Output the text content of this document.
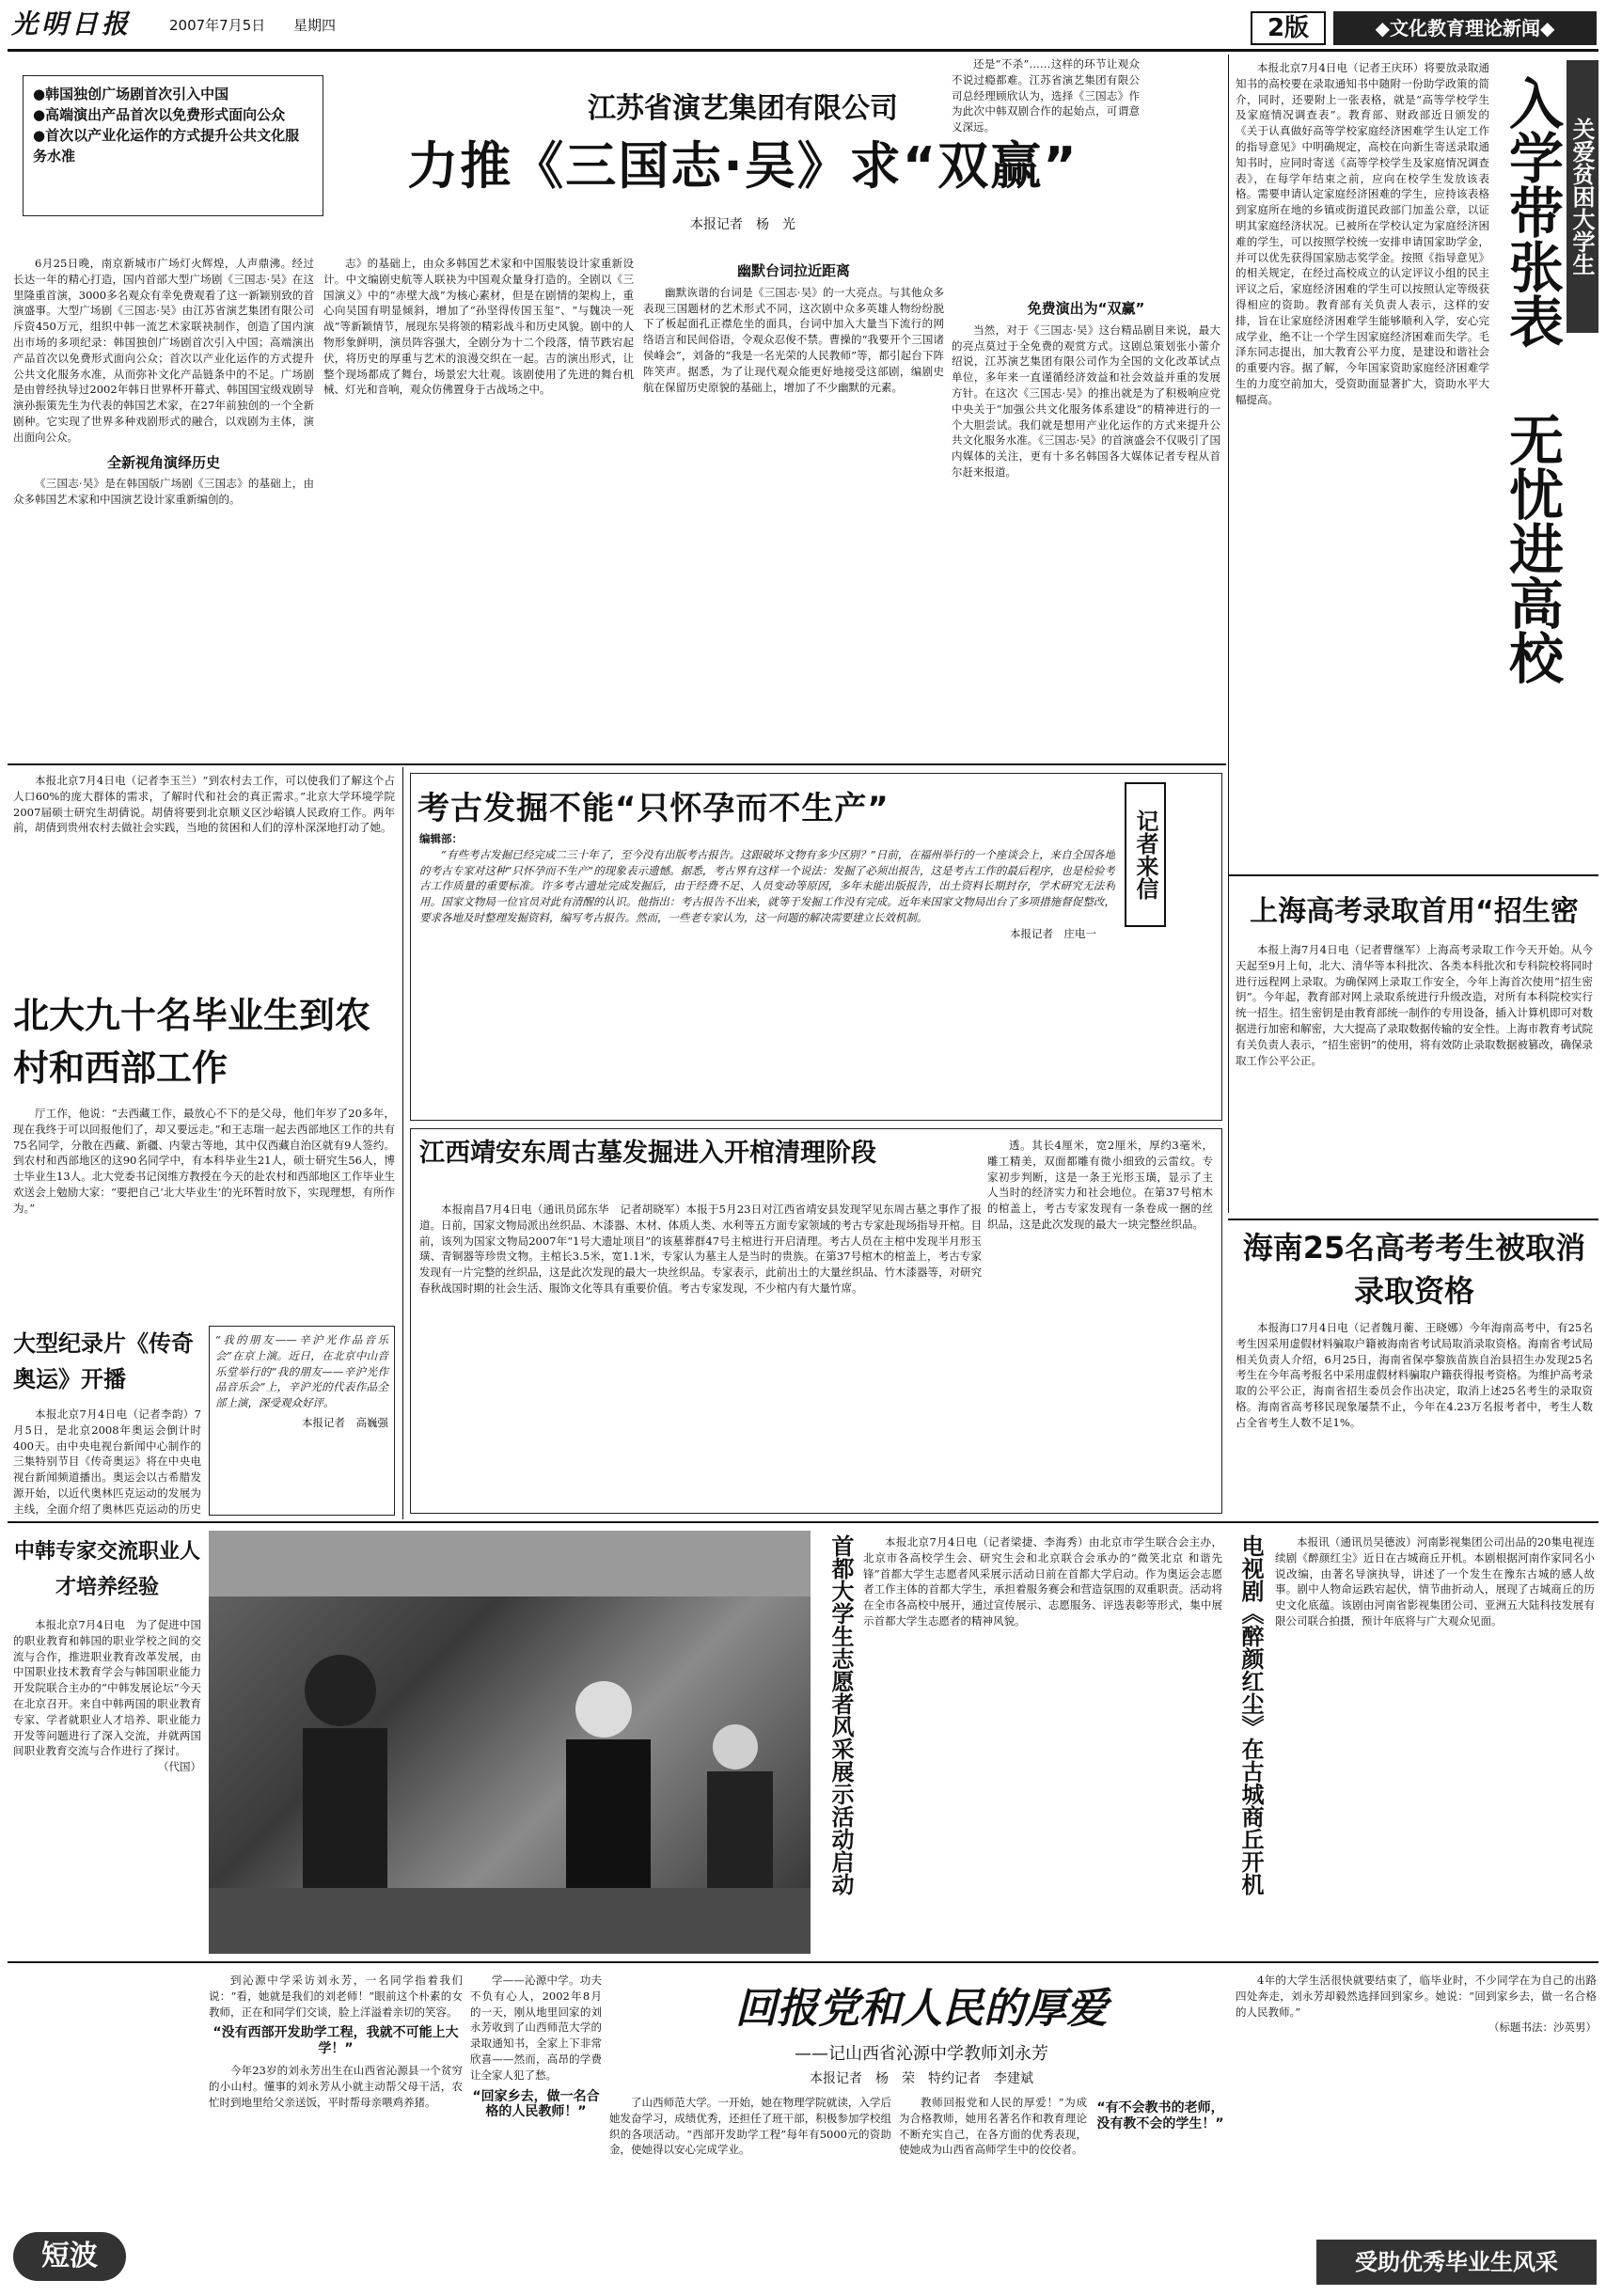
光明日报	2007年7月5日	星期四	2版	◆文化教育理论新闻◆
●韩国独创广场剧首次引入中国
●高端演出产品首次以免费形式面向公众
●首次以产业化运作的方式提升公共文化服务水准
江苏省演艺集团有限公司
力推《三国志·吴》求“双赢”
本报记者　杨　光

6月25日晚，南京新城市广场灯火辉煌，人声鼎沸。经过长达一年的精心打造，国内首部大型广场剧《三国志·吴》在这里隆重首演，3000多名观众有幸免费观看了这一新颖别致的首演盛事。大型广场剧《三国志·吴》由江苏省演艺集团有限公司斥资450万元，组织中韩一流艺术家联袂制作，创造了国内演出市场的多项纪录：韩国独创广场剧首次引入中国；高端演出产品首次以免费形式面向公众；首次以产业化运作的方式提升公共文化服务水准，从而弥补文化产品链条中的不足。广场剧是由曾经执导过2002年韩日世界杯开幕式、韩国国宝级戏剧导演孙振策先生为代表的韩国艺术家，在27年前独创的一个全新剧种。它实现了世界多种戏剧形式的融合，以戏剧为主体，演出面向公众。

全新视角演绎历史

《三国志·吴》是在韩国版广场剧《三国志》的基础上，由众多韩国艺术家和中国演艺设计家重新编创的。

志》的基础上，由众多韩国艺术家和中国服装设计家重新设计。中文编剧史航等人联袂为中国观众量身打造的。全剧以《三国演义》中的“赤壁大战”为核心素材，但是在剧情的架构上，重心向吴国有明显倾斜，增加了“孙坚得传国玉玺”、“与魏决一死战”等新颖情节，展现东吴将领的精彩战斗和历史风貌。剧中的人物形象鲜明，演员阵容强大，全剧分为十二个段落，情节跌宕起伏，将历史的厚重与艺术的浪漫交织在一起。吉的演出形式，让整个现场都成了舞台，场景宏大壮观。该剧使用了先进的舞台机械、灯光和音响，观众仿佛置身于古战场之中。

幽默台词拉近距离

幽默诙谐的台词是《三国志·吴》的一大亮点。与其他众多表现三国题材的艺术形式不同，这次剧中众多英雄人物纷纷脱下了板起面孔正襟危坐的面具，台词中加入大量当下流行的网络语言和民间俗语，令观众忍俊不禁。曹操的“我要开个三国诸侯峰会”，刘备的“我是一名光荣的人民教师”等，都引起台下阵阵笑声。据悉，为了让现代观众能更好地接受这部剧，编剧史航在保留历史原貌的基础上，增加了不少幽默的元素。

还是“不杀”……这样的环节让观众不说过瘾都难。江苏省演艺集团有限公司总经理顾欣认为，选择《三国志》作为此次中韩双剧合作的起始点，可谓意义深远。

免费演出为“双赢”

当然，对于《三国志·吴》这台精品剧目来说，最大的亮点莫过于全免费的观赏方式。这剧总策划张小蕾介绍说，江苏演艺集团有限公司作为全国的文化改革试点单位，多年来一直谨循经济效益和社会效益并重的发展方针。在这次《三国志·吴》的推出就是为了积极响应党中央关于“加强公共文化服务体系建设”的精神进行的一个大胆尝试。我们就是想用产业化运作的方式来提升公共文化服务水准。《三国志·吴》的首演盛会不仅吸引了国内媒体的关注，更有十多名韩国各大媒体记者专程从首尔赶来报道。

本报北京7月4日电（记者王庆环）将要放录取通知书的高校要在录取通知书中随附一份助学政策的简介，同时，还要附上一张表格，就是“高等学校学生及家庭情况调查表”。教育部、财政部近日颁发的《关于认真做好高等学校家庭经济困难学生认定工作的指导意见》中明确规定，高校在向新生寄送录取通知书时，应同时寄送《高等学校学生及家庭情况调查表》，在每学年结束之前，应向在校学生发放该表格。需要申请认定家庭经济困难的学生，应持该表格到家庭所在地的乡镇或街道民政部门加盖公章，以证明其家庭经济状况。已被所在学校认定为家庭经济困难的学生，可以按照学校统一安排申请国家助学金，并可以优先获得国家励志奖学金。按照《指导意见》的相关规定，在经过高校成立的认定评议小组的民主评议之后，家庭经济困难的学生可以按照认定等级获得相应的资助。教育部有关负责人表示，这样的安排，旨在让家庭经济困难学生能够顺利入学，安心完成学业，绝不让一个学生因家庭经济困难而失学。毛泽东同志提出，加大教育公平力度，是建设和谐社会的重要内容。据了解，今年国家资助家庭经济困难学生的力度空前加大，受资助面显著扩大，资助水平大幅提高。

关爱贫困大学生
入学带张表 无忧进高校

本报北京7月4日电（记者李玉兰）“到农村去工作，可以使我们了解这个占人口60%的庞大群体的需求，了解时代和社会的真正需求。”北京大学环境学院2007届硕士研究生胡倩说。胡倩将要到北京顺义区沙峪镇人民政府工作。两年前，胡倩到贵州农村去做社会实践，当地的贫困和人们的淳朴深深地打动了她。

北大九十名毕业生到农村和西部工作

厅工作，他说：“去西藏工作，最放心不下的是父母，他们年岁了20多年，现在我终于可以回报他们了，却又要远走。”和王志瑞一起去西部地区工作的共有75名同学，分散在西藏、新疆、内蒙古等地，其中仅西藏自治区就有9人签约。到农村和西部地区的这90名同学中，有本科毕业生21人，硕士研究生56人，博士毕业生13人。北大党委书记闵维方教授在今天的赴农村和西部地区工作毕业生欢送会上勉励大家：“要把自己‘北大毕业生’的光环暂时放下，实现理想，有所作为。”

考古发掘不能“只怀孕而不生产”
记者来信
编辑部：

“有些考古发掘已经完成二三十年了，至今没有出版考古报告。这跟破坏文物有多少区别？”日前，在福州举行的一个座谈会上，来自全国各地的考古专家对这种“只怀孕而不生产”的现象表示遗憾。据悉，考古界有这样一个说法：发掘了必须出报告，这是考古工作的最后程序，也是检验考古工作质量的重要标准。许多考古遗址完成发掘后，由于经费不足、人员变动等原因，多年未能出版报告，出土资料长期封存，学术研究无法利用。国家文物局一位官员对此有清醒的认识。他指出：考古报告不出来，就等于发掘工作没有完成。近年来国家文物局出台了多项措施督促整改，要求各地及时整理发掘资料，编写考古报告。然而，一些老专家认为，这一问题的解决需要建立长效机制。

本报记者　庄电一
江西靖安东周古墓发掘进入开棺清理阶段	透。其长4厘米，宽2厘米，厚约3毫米，雕工精美，双面都雕有微小细致的云雷纹。专家初步判断，这是一条王光形玉璜，显示了主人当时的经济实力和社会地位。在第37号棺木的棺盖上，考古专家发现有一条卷成一捆的丝织品，这是此次发现的最大一块完整丝织品。

本报南昌7月4日电（通讯员邱东华　记者胡晓军）本报于5月23日对江西省靖安县发现罕见东周古墓之事作了报道。日前，国家文物局派出丝织品、木漆器、木材、体质人类、水利等五方面专家领域的考古专家赴现场指导开棺。目前，该列为国家文物局2007年“1号大遗址项目”的该墓葬群47号主棺进行开启清理。考古人员在主棺中发现半月形玉璜、青铜器等珍贵文物。主棺长3.5米，宽1.1米，专家认为墓主人是当时的贵族。在第37号棺木的棺盖上，考古专家发现有一片完整的丝织品，这是此次发现的最大一块丝织品。专家表示，此前出土的大量丝织品、竹木漆器等，对研究春秋战国时期的社会生活、服饰文化等具有重要价值。考古专家发现，不少棺内有大量竹席。

上海高考录取首用“招生密

本报上海7月4日电（记者曹继军）上海高考录取工作今天开始。从今天起至9月上旬，北大、清华等本科批次、各类本科批次和专科院校将同时进行远程网上录取。为确保网上录取工作安全，今年上海首次使用“招生密钥”。今年起，教育部对网上录取系统进行升级改造，对所有本科院校实行统一招生。招生密钥是由教育部统一制作的专用设备，插入计算机即可对数据进行加密和解密，大大提高了录取数据传输的安全性。上海市教育考试院有关负责人表示，“招生密钥”的使用，将有效防止录取数据被篡改，确保录取工作公平公正。

海南25名高考考生被取消录取资格

本报海口7月4日电（记者魏月蘅、王晓娜）今年海南高考中，有25名考生因采用虚假材料骗取户籍被海南省考试局取消录取资格。海南省考试局相关负责人介绍，6月25日，海南省保亭黎族苗族自治县招生办发现25名考生在今年高考报名中采用虚假材料骗取户籍获得报考资格。为维护高考录取的公平公正，海南省招生委员会作出决定，取消上述25名考生的录取资格。海南省高考移民现象屡禁不止，今年在4.23万名报考者中，考生人数占全省考生人数不足1%。

大型纪录片《传奇奥运》开播

本报北京7月4日电（记者李韵）7月5日，是北京2008年奥运会倒计时400天。由中央电视台新闻中心制作的三集特别节目《传奇奥运》将在中央电视台新闻频道播出。奥运会以古希腊发源开始，以近代奥林匹克运动的发展为主线，全面介绍了奥林匹克运动的历史

“我的朋友——辛沪光作品音乐会”在京上演。近日，在北京中山音乐堂举行的“我的朋友——辛沪光作品音乐会”上，辛沪光的代表作品全部上演，深受观众好评。
本报记者　高巍强
中韩专家交流职业人才培养经验

本报北京7月4日电　为了促进中国的职业教育和韩国的职业学校之间的交流与合作，推进职业教育改革发展，由中国职业技术教育学会与韩国职业能力开发院联合主办的“中韩发展论坛”今天在北京召开。来自中韩两国的职业教育专家、学者就职业人才培养、职业能力开发等问题进行了深入交流，并就两国间职业教育交流与合作进行了探讨。

（代国）	首都大学生志愿者风采展示活动启动	本报北京7月4日电（记者梁捷、李海秀）由北京市学生联合会主办，北京市各高校学生会、研究生会和北京联合会承办的“微笑北京 和谐先锋”首都大学生志愿者风采展示活动日前在首都大学启动。作为奥运会志愿者工作主体的首都大学生，承担着服务赛会和营造氛围的双重职责。活动将在全市各高校中展开，通过宣传展示、志愿服务、评选表彰等形式，集中展示首都大学生志愿者的精神风貌。	电视剧《醉颜红尘》在古城商丘开机	本报讯（通讯员吴德波）河南影视集团公司出品的20集电视连续剧《醉颜红尘》近日在古城商丘开机。本剧根据河南作家同名小说改编，由著名导演执导，讲述了一个发生在豫东古城的感人故事。剧中人物命运跌宕起伏，情节曲折动人，展现了古城商丘的历史文化底蕴。该剧由河南省影视集团公司、亚洲五大陆科技发展有限公司联合拍摄，预计年底将与广大观众见面。

回报党和人民的厚爱
——记山西省沁源中学教师刘永芳
本报记者　杨　荣　特约记者　李建斌

到沁源中学采访刘永芳，一名同学指着我们说：“看，她就是我们的刘老师！”眼前这个朴素的女教师，正在和同学们交谈，脸上洋溢着亲切的笑容。

“没有西部开发助学工程，我就不可能上大学！”

今年23岁的刘永芳出生在山西省沁源县一个贫穷的小山村。懂事的刘永芳从小就主动帮父母干活，农忙时到地里给父亲送饭，平时帮母亲喂鸡养猪。

学——沁源中学。功夫不负有心人，2002年8月的一天，刚从地里回家的刘永芳收到了山西师范大学的录取通知书，全家上下非常欣喜——然而，高昂的学费让全家人犯了愁。

“回家乡去，做一名合格的人民教师！”

了山西师范大学。一开始，她在物理学院就读，入学后她发奋学习，成绩优秀，还担任了班干部，积极参加学校组织的各项活动。“西部开发助学工程”每年有5000元的资助金，使她得以安心完成学业。

教师回报党和人民的厚爱！”为成为合格教师，她用名著名作和教育理论不断充实自己，在各方面的优秀表现，使她成为山西省高师学生中的佼佼者。

“有不会教书的老师，没有教不会的学生！”

4年的大学生活很快就要结束了，临毕业时，不少同学在为自己的出路四处奔走，刘永芳却毅然选择回到家乡。她说：“回到家乡去，做一名合格的人民教师。”

（标题书法：沙英男）
短波	受助优秀毕业生风采
